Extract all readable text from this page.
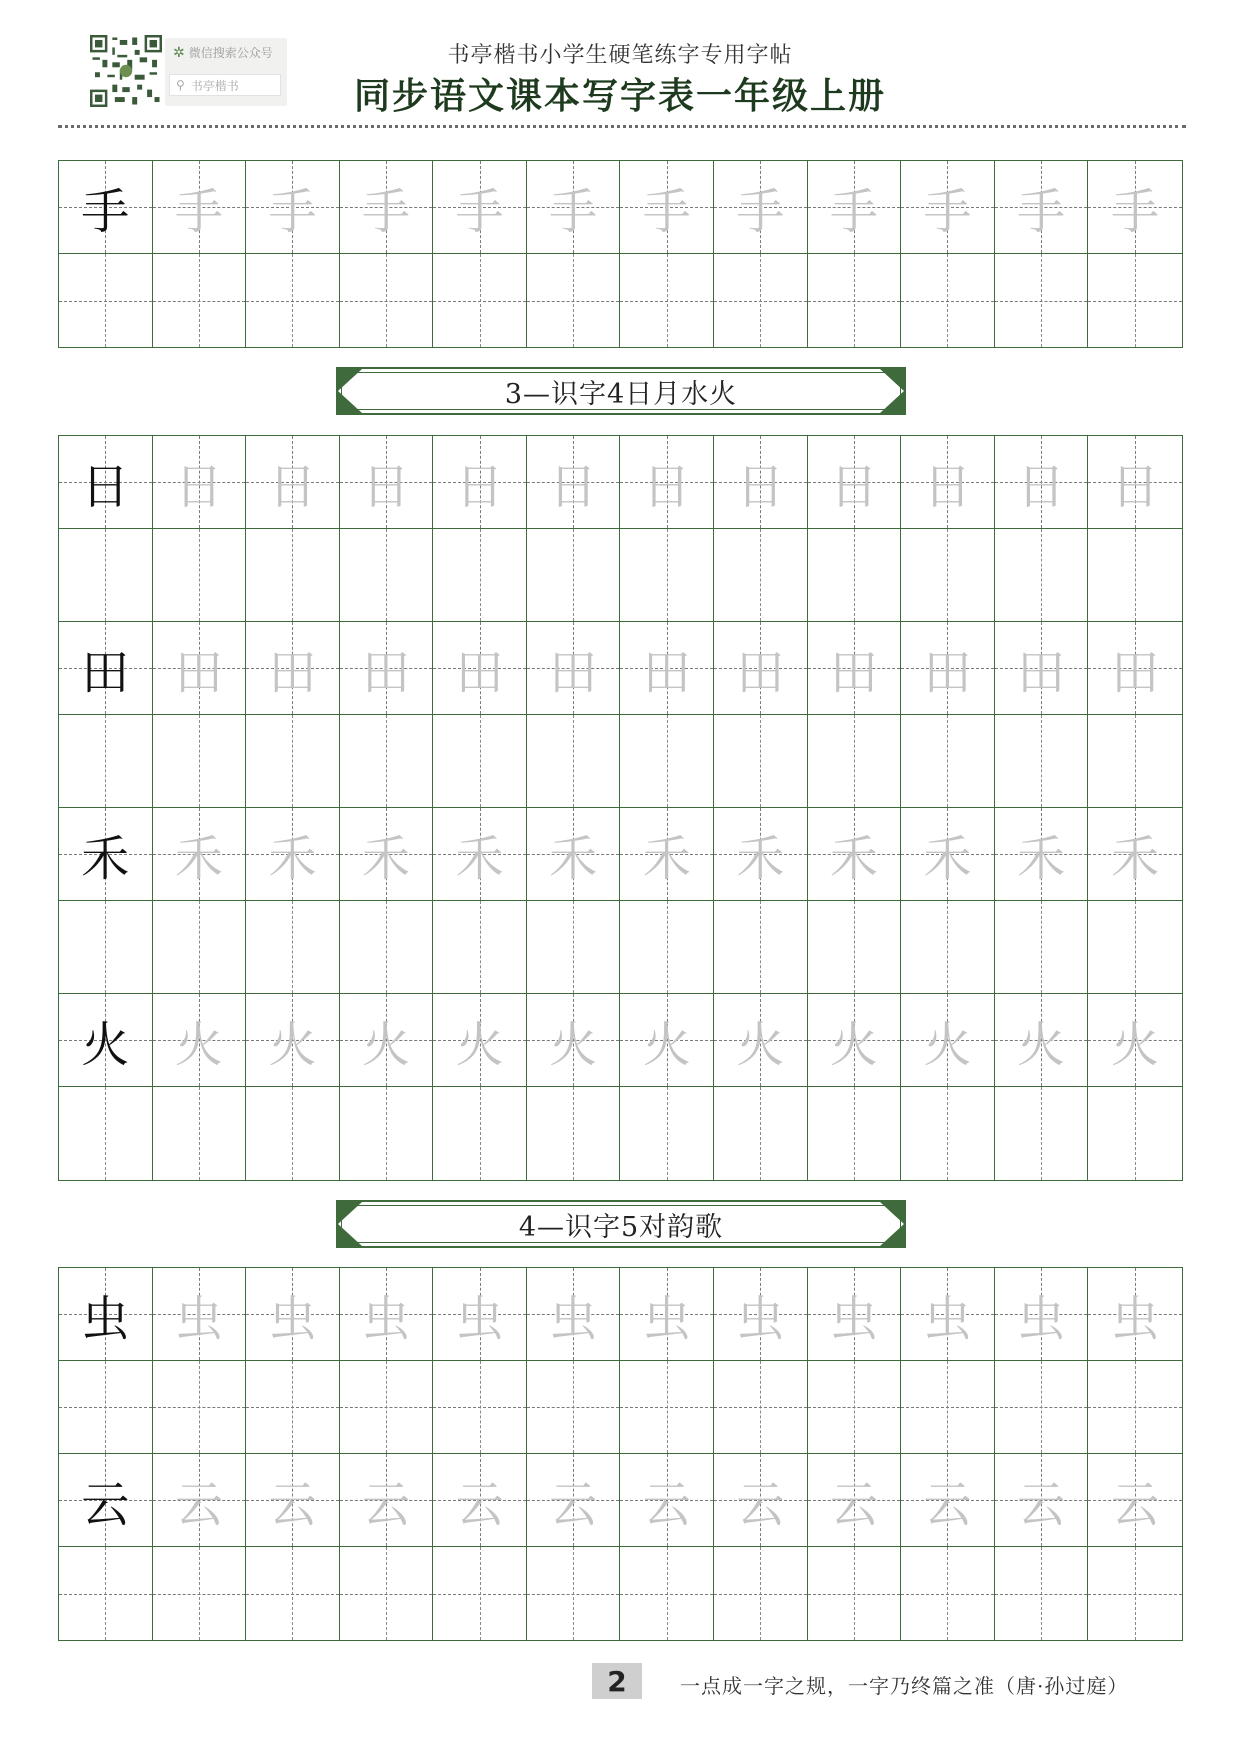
✲ 微信搜索公众号
⚲ 书亭楷书
书亭楷书小学生硬笔练字专用字帖
同步语文课本写字表一年级上册
手 手 手 手 手 手 手 手 手 手 手 手
3—识字4日月水火
日 日 日 日 日 日 日 日 日 日 日 日
田 田 田 田 田 田 田 田 田 田 田 田
禾 禾 禾 禾 禾 禾 禾 禾 禾 禾 禾 禾
火 火 火 火 火 火 火 火 火 火 火 火
4—识字5对韵歌
虫 虫 虫 虫 虫 虫 虫 虫 虫 虫 虫 虫
云 云 云 云 云 云 云 云 云 云 云 云
2	一点成一字之规，一字乃终篇之准（唐·孙过庭）
